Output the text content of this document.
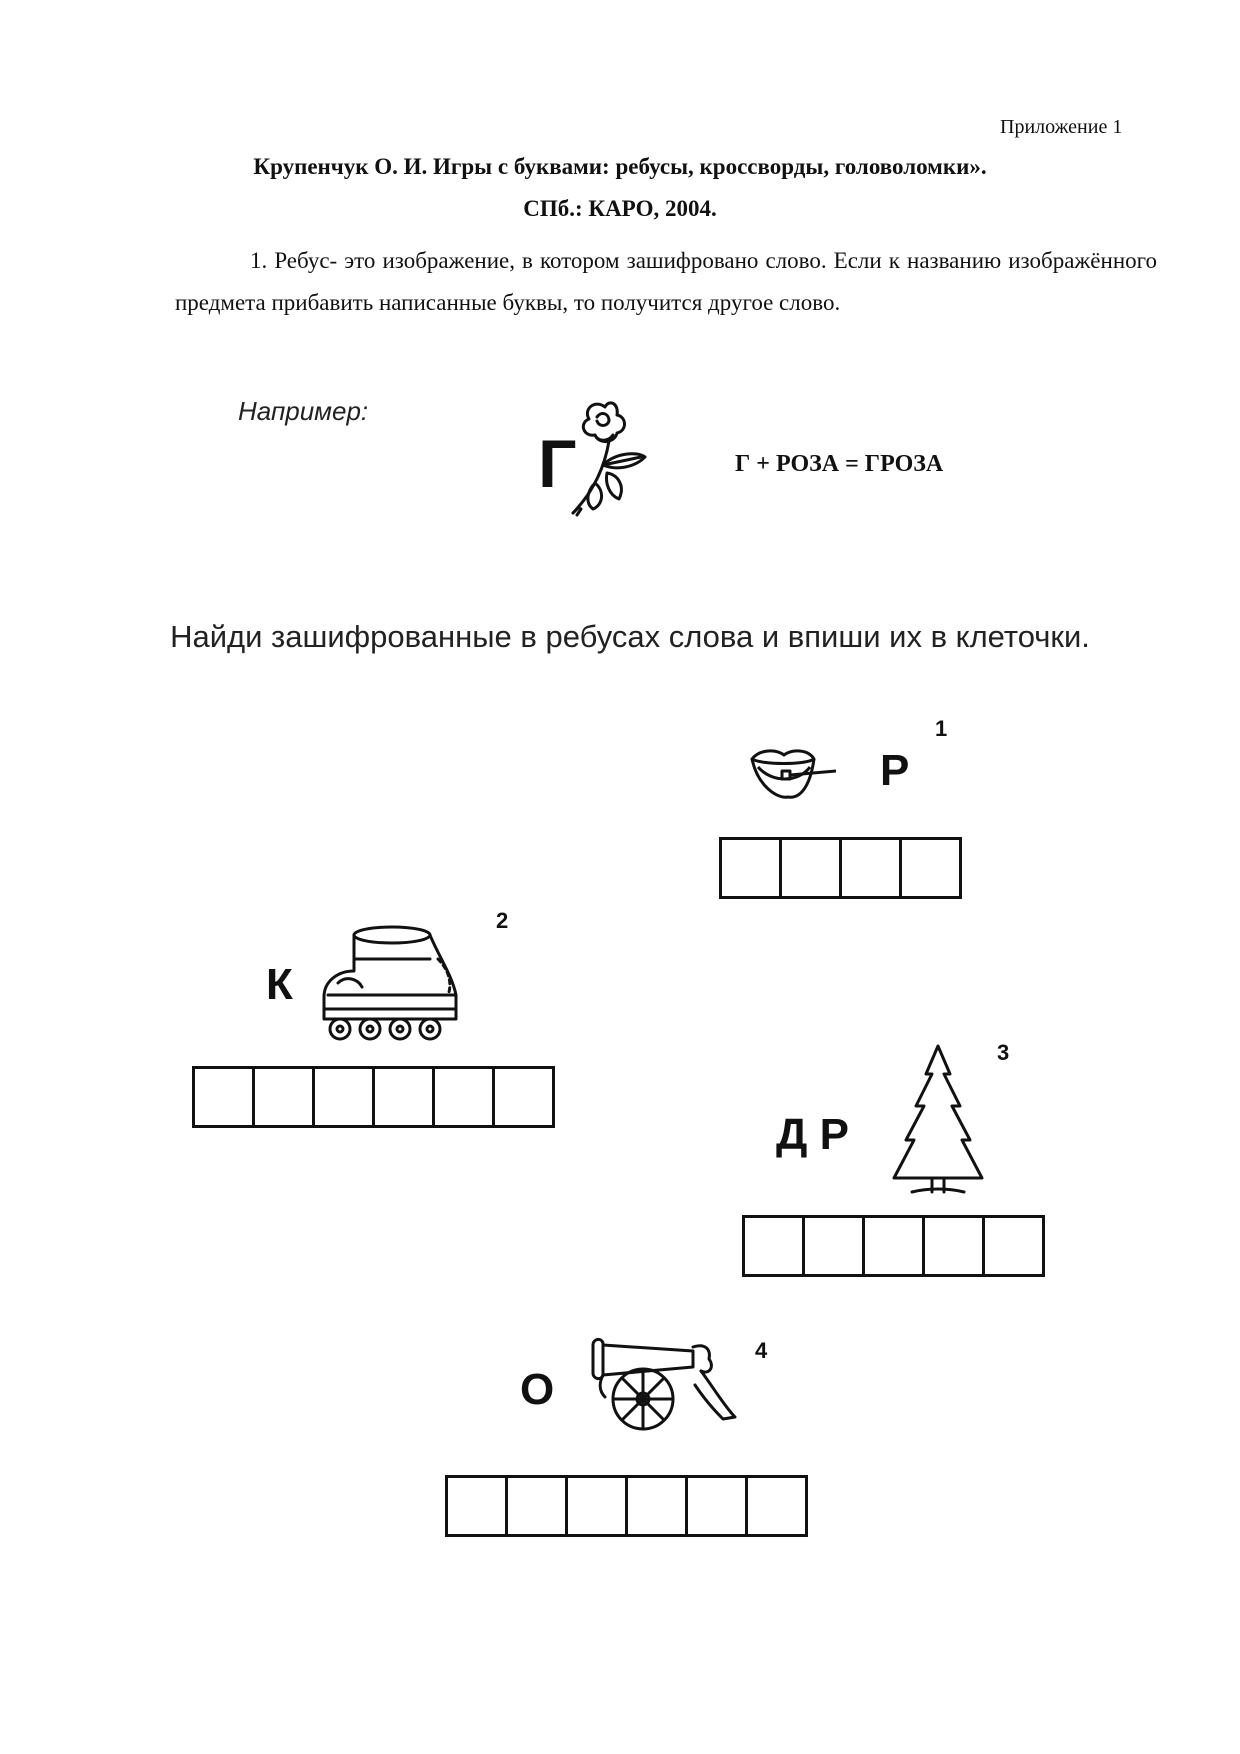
Приложение 1
Крупенчук О. И. Игры с буквами: ребусы, кроссворды, головоломки».
СПб.: КАРО, 2004.
1. Ребус- это изображение, в котором зашифровано слово. Если к названию изображённого предмета прибавить написанные буквы, то получится другое слово.
Например:
Г	Г + РОЗА = ГРОЗА
Найди зашифрованные в ребусах слова и впиши их в клеточки.
Р
1
К
2
Д Р
3
О
4
